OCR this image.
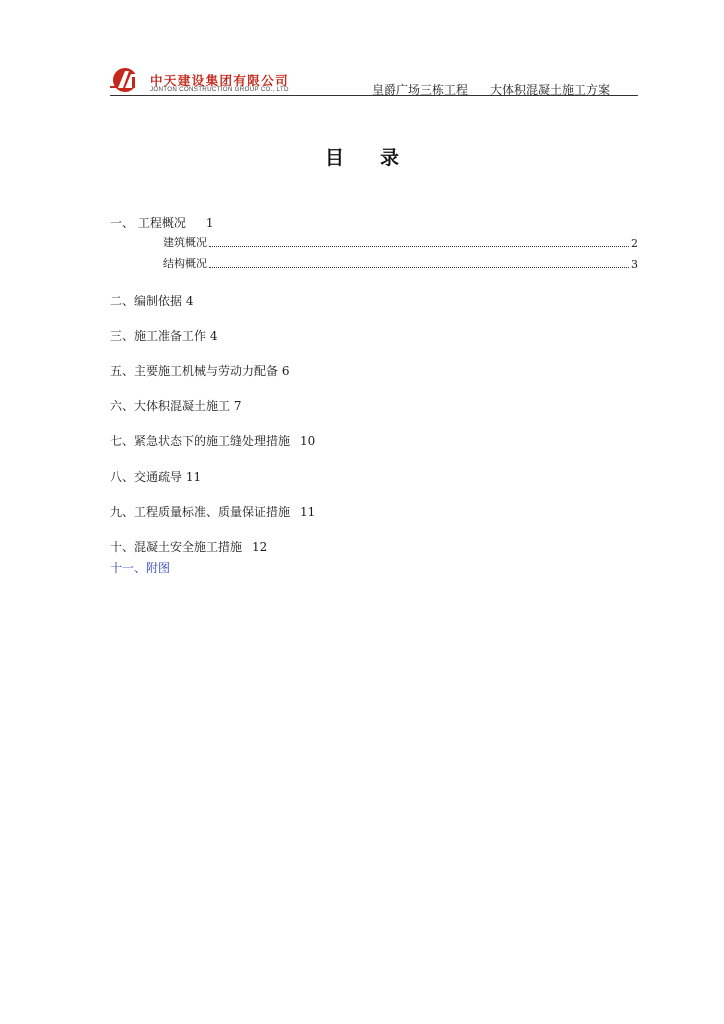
中天建设集团有限公司
JONTON CONSTRUCTION GROUP CO., LTD	皇爵广场三栋工程 大体积混凝土施工方案
目 录
一、 工程概况 1
建筑概况	2
结构概况	3
二、编制依据 4
三、施工准备工作 4
五、主要施工机械与劳动力配备 6
六、大体积混凝土施工 7
七、紧急状态下的施工缝处理措施 10
八、交通疏导 11
九、工程质量标准、质量保证措施 11
十、混凝土安全施工措施 12
十一、附图
